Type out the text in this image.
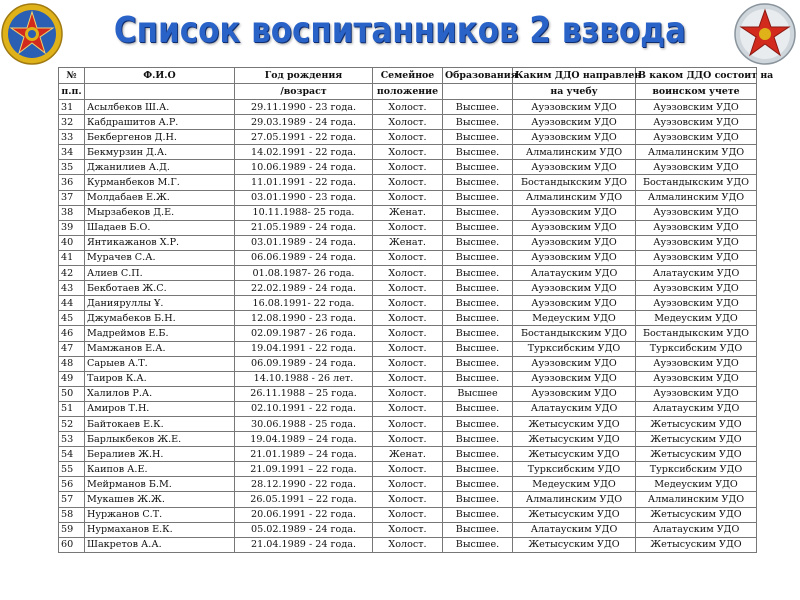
Список воспитанников 2 взвода
№	Ф.И.О	Год рождения	Семейное	Образования	Каким ДДО направлен	В каком ДДО состоит на
п.п.		/возраст	положение		на учебу	воинском учете
31	Асылбеков Ш.А.	29.11.1990 - 23 года.	Холост.	Высшее.	Ауэзовским УДО	Ауэзовским УДО
32	Кабдрашитов А.Р.	29.03.1989 - 24 года.	Холост.	Высшее.	Ауэзовским УДО	Ауэзовским УДО
33	Бекбергенов Д.Н.	27.05.1991 - 22 года.	Холост.	Высшее.	Ауэзовским УДО	Ауэзовским УДО
34	Бекмурзин Д.А.	14.02.1991 - 22 года.	Холост.	Высшее.	Алмалинским УДО	Алмалинским УДО
35	Джанилиев А.Д.	10.06.1989 - 24 года.	Холост.	Высшее.	Ауэзовским УДО	Ауэзовским УДО
36	Курманбеков М.Г.	11.01.1991 - 22 года.	Холост.	Высшее.	Бостандыкским УДО	Бостандыкским УДО
37	Молдабаев Е.Ж.	03.01.1990 - 23 года.	Холост.	Высшее.	Алмалинским УДО	Алмалинским УДО
38	Мырзабеков Д.Е.	10.11.1988- 25 года.	Женат.	Высшее.	Ауэзовским УДО	Ауэзовским УДО
39	Шадаев Б.О.	21.05.1989 - 24 года.	Холост.	Высшее.	Ауэзовским УДО	Ауэзовским УДО
40	Янтикажанов Х.Р.	03.01.1989 - 24 года.	Женат.	Высшее.	Ауэзовским УДО	Ауэзовским УДО
41	Мурачев С.А.	06.06.1989 - 24 года.	Холост.	Высшее.	Ауэзовским УДО	Ауэзовским УДО
42	Алиев С.П.	01.08.1987- 26 года.	Холост.	Высшее.	Алатауским УДО	Алатауским УДО
43	Бекботаев Ж.С.	22.02.1989 - 24 года.	Холост.	Высшее.	Ауэзовским УДО	Ауэзовским УДО
44	Данияруллы Ұ.	16.08.1991- 22 года.	Холост.	Высшее.	Ауэзовским УДО	Ауэзовским УДО
45	Джумабеков Б.Н.	12.08.1990 - 23 года.	Холост.	Высшее.	Медеуским УДО	Медеуским УДО
46	Мадреймов Е.Б.	02.09.1987 - 26 года.	Холост.	Высшее.	Бостандыкским УДО	Бостандыкским УДО
47	Мамжанов Е.А.	19.04.1991 - 22 года.	Холост.	Высшее.	Турксибским УДО	Турксибским УДО
48	Сарыев А.Т.	06.09.1989 - 24 года.	Холост.	Высшее.	Ауэзовским УДО	Ауэзовским УДО
49	Таиров К.А.	14.10.1988 - 26 лет.	Холост.	Высшее.	Ауэзовским УДО	Ауэзовским УДО
50	Халилов Р.А.	26.11.1988 – 25 года.	Холост.	Высшее	Ауэзовским УДО	Ауэзовским УДО
51	Амиров Т.Н.	02.10.1991 - 22 года.	Холост.	Высшее.	Алатауским УДО	Алатауским УДО
52	Байтокаев Е.К.	30.06.1988 - 25 года.	Холост.	Высшее.	Жетысуским УДО	Жетысуским УДО
53	Барлыкбеков Ж.Е.	19.04.1989 – 24 года.	Холост.	Высшее.	Жетысуским УДО	Жетысуским УДО
54	Бералиев Ж.Н.	21.01.1989 – 24 года.	Женат.	Высшее.	Жетысуским УДО	Жетысуским УДО
55	Каипов А.Е.	21.09.1991 – 22 года.	Холост.	Высшее.	Турксибским УДО	Турксибским УДО
56	Мейрманов Б.М.	28.12.1990 - 22 года.	Холост.	Высшее.	Медеуским УДО	Медеуским УДО
57	Мукашев Ж.Ж.	26.05.1991 – 22 года.	Холост.	Высшее.	Алмалинским УДО	Алмалинским УДО
58	Нуржанов С.Т.	20.06.1991 - 22 года.	Холост.	Высшее.	Жетысуским УДО	Жетысуским УДО
59	Нурмаханов Е.К.	05.02.1989 - 24 года.	Холост.	Высшее.	Алатауским УДО	Алатауским УДО
60	Шакретов А.А.	21.04.1989 - 24 года.	Холост.	Высшее.	Жетысуским УДО	Жетысуским УДО
